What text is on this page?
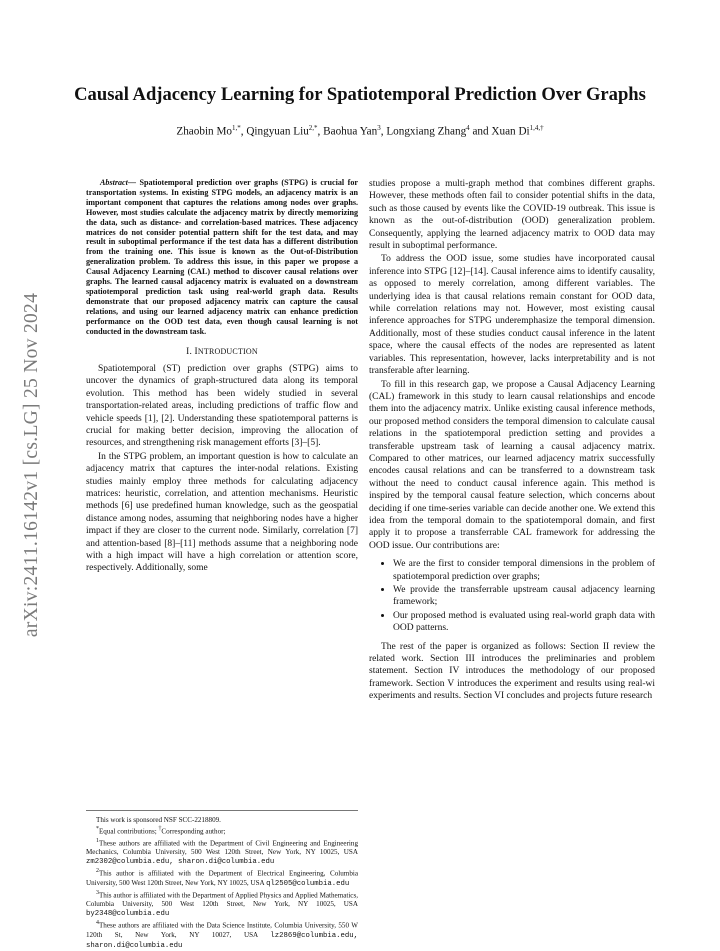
arXiv:2411.16142v1 [cs.LG] 25 Nov 2024
Causal Adjacency Learning for Spatiotemporal Prediction Over Graphs
Zhaobin $Mo^{1,*}$, Qingyuan Liu$^{2,*}$, Baohua Yan$^3$, Longxiang Zhang$^4$ and Xuan $Di^{1,4,\dagger}$

Abstract— Spatiotemporal prediction over graphs (STPG) is crucial for transportation systems. In existing STPG models, an adjacency matrix is an important component that captures the relations among nodes over graphs. However, most studies calculate the adjacency matrix by directly memorizing the data, such as distance- and correlation-based matrices. These adjacency matrices do not consider potential pattern shift for the test data, and may result in suboptimal performance if the test data has a different distribution from the training one. This issue is known as the Out-of-Distribution generalization problem. To address this issue, in this paper we propose a Causal Adjacency Learning (CAL) method to discover causal relations over graphs. The learned causal adjacency matrix is evaluated on a downstream spatiotemporal prediction task using real-world graph data. Results demonstrate that our proposed adjacency matrix can capture the causal relations, and using our learned adjacency matrix can enhance prediction performance on the OOD test data, even though causal learning is not conducted in the downstream task.

I. INTRODUCTION

Spatiotemporal (ST) prediction over graphs (STPG) aims to uncover the dynamics of graph-structured data along its temporal evolution. This method has been widely studied in several transportation-related areas, including predictions of traffic flow and vehicle speeds [1], [2]. Understanding these spatiotemporal patterns is crucial for making better decision, improving the allocation of resources, and strengthening risk management efforts [3]–[5].

In the STPG problem, an important question is how to calculate an adjacency matrix that captures the inter-nodal relations. Existing studies mainly employ three methods for calculating adjacency matrices: heuristic, correlation, and attention mechanisms. Heuristic methods [6] use predefined human knowledge, such as the geospatial distance among nodes, assuming that neighboring nodes have a higher impact if they are closer to the current node. Similarly, correlation [7] and attention-based [8]–[11] methods assume that a neighboring node with a high impact will have a high correlation or attention score, respectively. Additionally, some

This work is sponsored NSF SCC-2218809.

*Equal contributions; †Corresponding author;

$^1$These authors are affiliated with the Department of Civil Engineering and Engineering Mechanics, Columbia University, 500 West 120th Street, New York, NY 10025, USA zm2302@columbia.edu, sharon.di@columbia.edu

$^2$This author is affiliated with the Department of Electrical Engineering, Columbia University, 500 West 120th Street, New York, NY 10025, USA ql2505@columbia.edu

$^3$This author is affiliated with the Department of Applied Physics and Applied Mathematics, Columbia University, 500 West 120th Street, New York, NY 10025, USA by2348@columbia.edu

$^4$These authors are affiliated with the Data Science Institute, Columbia University, 550 W 120th St, New York, NY 10027, USA lz2869@columbia.edu, sharon.di@columbia.edu

studies propose a multi-graph method that combines different graphs. However, these methods often fail to consider potential shifts in the data, such as those caused by events like the COVID-19 outbreak. This issue is known as the out-of-distribution (OOD) generalization problem. Consequently, applying the learned adjacency matrix to OOD data may result in suboptimal performance.

To address the OOD issue, some studies have incorporated causal inference into STPG [12]–[14]. Causal inference aims to identify causality, as opposed to merely correlation, among different variables. The underlying idea is that causal relations remain constant for OOD data, while correlation relations may not. However, most existing causal inference approaches for STPG underemphasize the temporal dimension. Additionally, most of these studies conduct causal inference in the latent space, where the causal effects of the nodes are represented as latent variables. This representation, however, lacks interpretability and is not transferable after learning.

To fill in this research gap, we propose a Causal Adjacency Learning (CAL) framework in this study to learn causal relationships and encode them into the adjacency matrix. Unlike existing causal inference methods, our proposed method considers the temporal dimension to calculate causal relations in the spatiotemporal prediction setting and provides a transferable upstream task of learning a causal adjacency matrix. Compared to other matrices, our learned adjacency matrix successfully encodes causal relations and can be transferred to a downstream task without the need to conduct causal inference again. This method is inspired by the temporal causal feature selection, which concerns about deciding if one time-series variable can decide another one. We extend this idea from the temporal domain to the spatiotemporal domain, and first apply it to propose a transferrable CAL framework for addressing the OOD issue. Our contributions are:

• We are the first to consider temporal dimensions in the problem of spatiotemporal prediction over graphs;
• We provide the transferrable upstream causal adjacency learning framework;
• Our proposed method is evaluated using real-world graph data with OOD patterns.

The rest of the paper is organized as follows: Section II review the related work. Section III introduces the preliminaries and problem statement. Section IV introduces the methodology of our proposed framework. Section V introduces the experiment and results using real-wi experiments and results. Section VI concludes and projects future research
